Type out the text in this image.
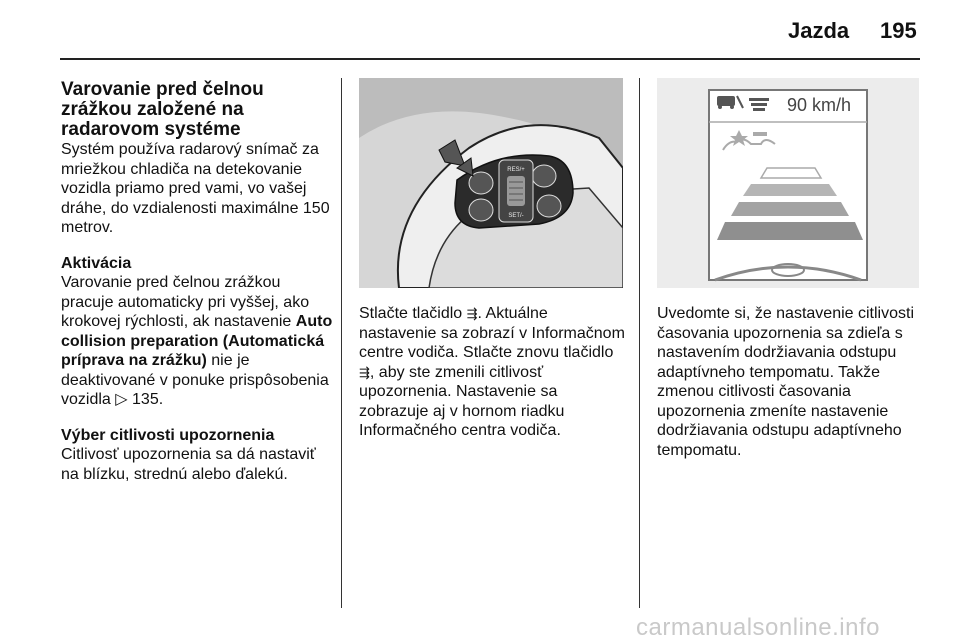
Jazda 195
Varovanie pred čelnou zrážkou založené na radarovom systéme

Systém používa radarový snímač za mriežkou chladiča na detekovanie vozidla priamo pred vami, vo vašej dráhe, do vzdialenosti maximálne 150 metrov.

Aktivácia

Varovanie pred čelnou zrážkou pracuje automaticky pri vyššej, ako krokovej rýchlosti, ak nastavenie Auto collision preparation (Automatická príprava na zrážku) nie je deaktivované v ponuke prispôsobenia vozidla ▷ 135.

Výber citlivosti upozornenia

Citlivosť upozornenia sa dá nastaviť na blízku, strednú alebo ďalekú.

RES/+
SET/-

Stlačte tlačidlo ⇶. Aktuálne nastavenie sa zobrazí v Informačnom centre vodiča. Stlačte znovu tlačidlo ⇶, aby ste zmenili citlivosť upozornenia. Nastavenie sa zobrazuje aj v hornom riadku Informačného centra vodiča.

90 km/h

Uvedomte si, že nastavenie citlivosti časovania upozornenia sa zdieľa s nastavením dodržiavania odstupu adaptívneho tempomatu. Takže zmenou citlivosti časovania upozornenia zmeníte nastavenie dodržiavania odstupu adaptívneho tempomatu.

carmanualsonline.info
